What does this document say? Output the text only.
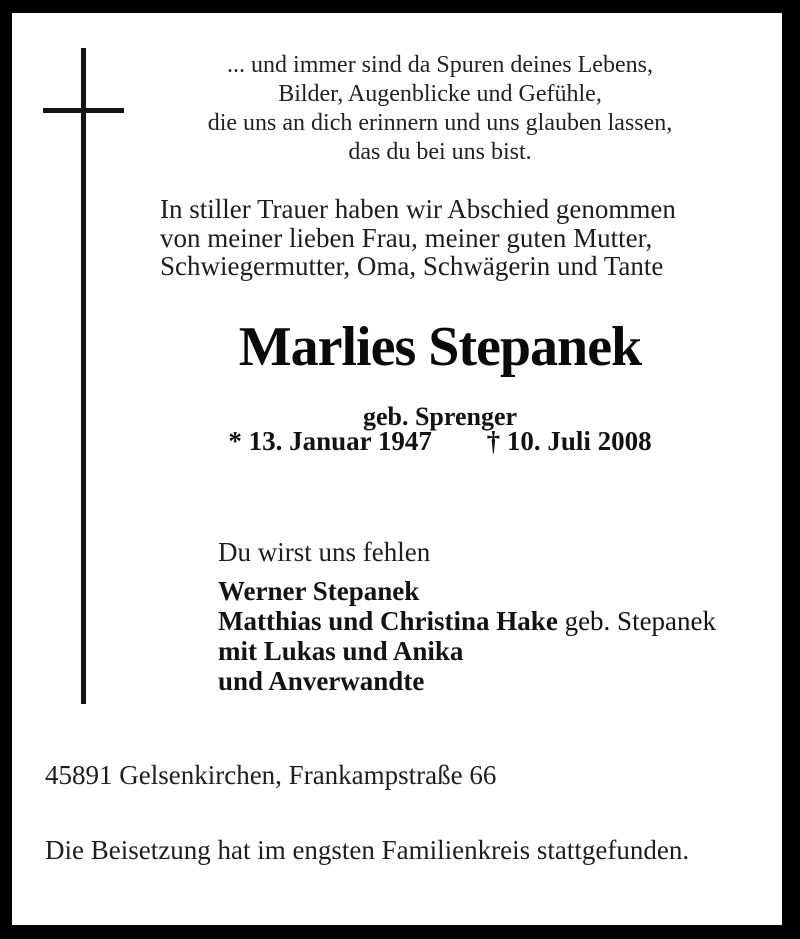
... und immer sind da Spuren deines Lebens,
Bilder, Augenblicke und Gefühle,
die uns an dich erinnern und uns glauben lassen,
das du bei uns bist.
In stiller Trauer haben wir Abschied genommen
von meiner lieben Frau, meiner guten Mutter,
Schwiegermutter, Oma, Schwägerin und Tante
Marlies Stepanek
geb. Sprenger
* 13. Januar 1947 † 10. Juli 2008
Du wirst uns fehlen
Werner Stepanek
Matthias und Christina Hake geb. Stepanek
mit Lukas und Anika
und Anverwandte
45891 Gelsenkirchen, Frankampstraße 66
Die Beisetzung hat im engsten Familienkreis stattgefunden.
